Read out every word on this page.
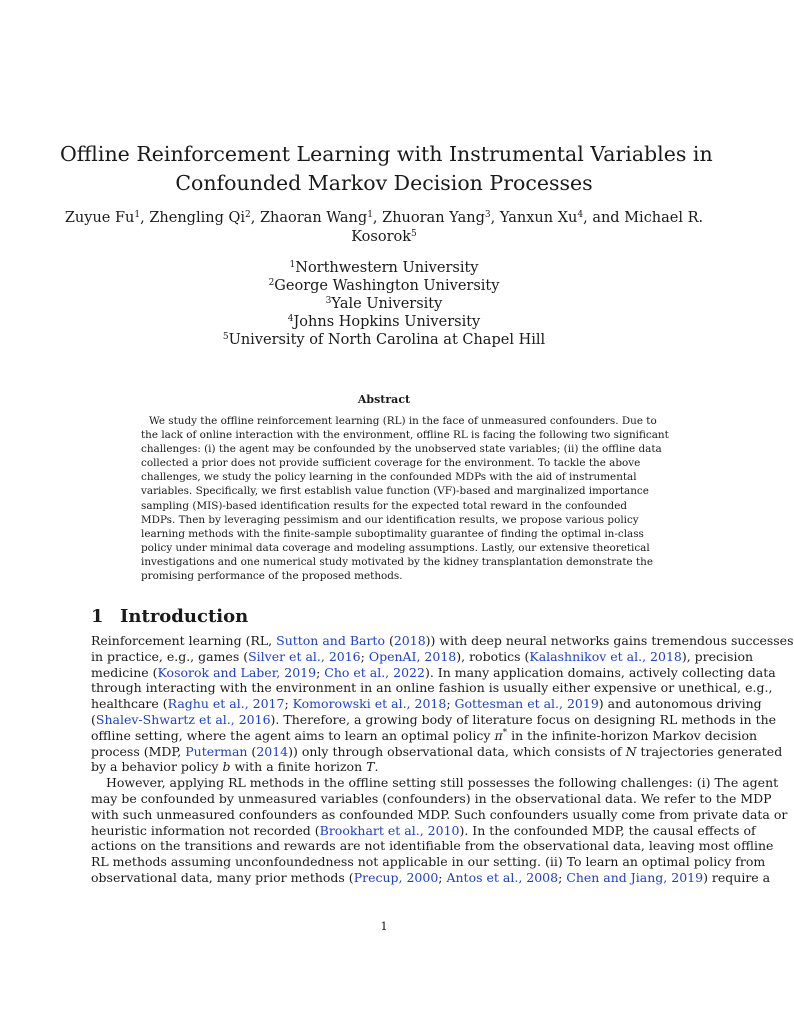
Offline Reinforcement Learning with Instrumental Variables in
Confounded Markov Decision Processes
Zuyue Fu$^1$, Zhengling Qi$^2$, Zhaoran Wang$^1$, Zhuoran Yang$^3$, Yanxun Xu$^4$, and Michael R.
Kosorok$^5$
$^1$Northwestern University
$^2$George Washington University
$^3$Yale University
$^4$Johns Hopkins University
$^5$University of North Carolina at Chapel Hill
Abstract
We study the offline reinforcement learning (RL) in the face of unmeasured confounders. Due to
the lack of online interaction with the environment, offline RL is facing the following two significant
challenges: (i) the agent may be confounded by the unobserved state variables; (ii) the offline data
collected a prior does not provide sufficient coverage for the environment. To tackle the above
challenges, we study the policy learning in the confounded MDPs with the aid of instrumental
variables. Specifically, we first establish value function (VF)-based and marginalized importance
sampling (MIS)-based identification results for the expected total reward in the confounded
MDPs. Then by leveraging pessimism and our identification results, we propose various policy
learning methods with the finite-sample suboptimality guarantee of finding the optimal in-class
policy under minimal data coverage and modeling assumptions. Lastly, our extensive theoretical
investigations and one numerical study motivated by the kidney transplantation demonstrate the
promising performance of the proposed methods.
1 Introduction
Reinforcement learning (RL, Sutton and Barto (2018)) with deep neural networks gains tremendous successes
in practice, e.g., games (Silver et al., 2016; OpenAI, 2018), robotics (Kalashnikov et al., 2018), precision
medicine (Kosorok and Laber, 2019; Cho et al., 2022). In many application domains, actively collecting data
through interacting with the environment in an online fashion is usually either expensive or unethical, e.g.,
healthcare (Raghu et al., 2017; Komorowski et al., 2018; Gottesman et al., 2019) and autonomous driving
(Shalev-Shwartz et al., 2016). Therefore, a growing body of literature focus on designing RL methods in the
offline setting, where the agent aims to learn an optimal policy π* in the infinite-horizon Markov decision
process (MDP, Puterman (2014)) only through observational data, which consists of N trajectories generated
by a behavior policy b with a finite horizon T.
However, applying RL methods in the offline setting still possesses the following challenges: (i) The agent
may be confounded by unmeasured variables (confounders) in the observational data. We refer to the MDP
with such unmeasured confounders as confounded MDP. Such confounders usually come from private data or
heuristic information not recorded (Brookhart et al., 2010). In the confounded MDP, the causal effects of
actions on the transitions and rewards are not identifiable from the observational data, leaving most offline
RL methods assuming unconfoundedness not applicable in our setting. (ii) To learn an optimal policy from
observational data, many prior methods (Precup, 2000; Antos et al., 2008; Chen and Jiang, 2019) require a
1
